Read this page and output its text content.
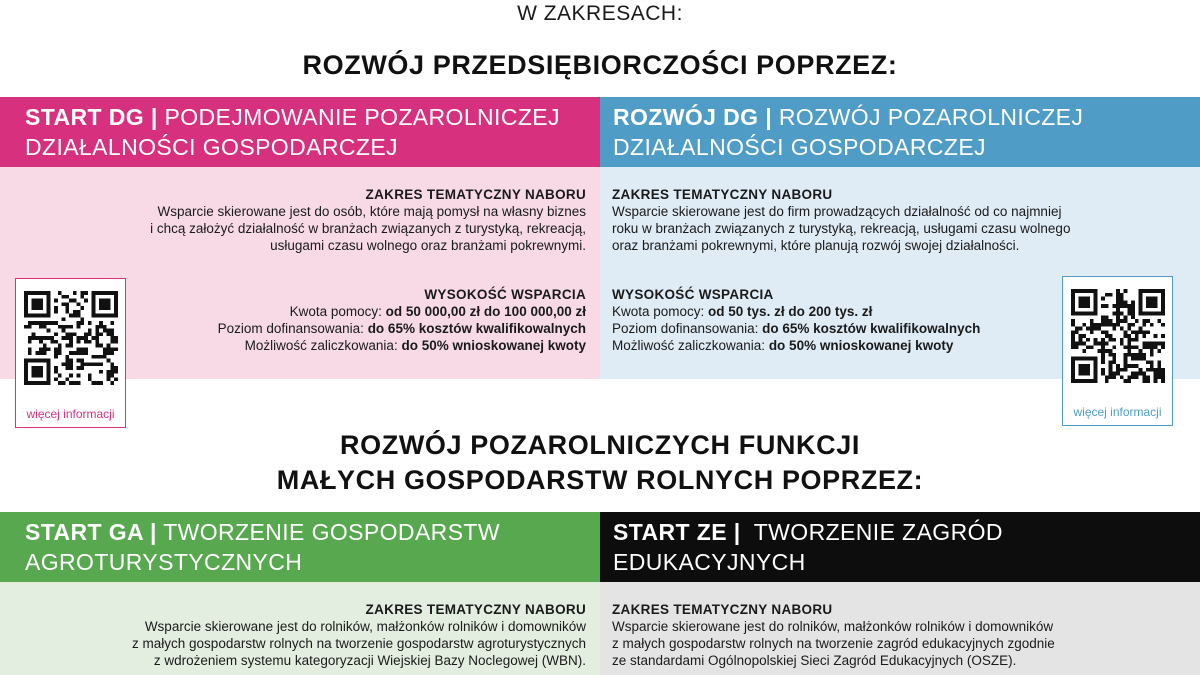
W ZAKRESACH:
ROZWÓJ PRZEDSIĘBIORCZOŚCI POPRZEZ:
START DG | PODEJMOWANIE POZAROLNICZEJ
DZIAŁALNOŚCI GOSPODARCZEJ
ROZWÓJ DG | ROZWÓJ POZAROLNICZEJ
DZIAŁALNOŚCI GOSPODARCZEJ
ZAKRES TEMATYCZNY NABORU
Wsparcie skierowane jest do osób, które mają pomysł na własny biznes
i chcą założyć działalność w branżach związanych z turystyką, rekreacją,
usługami czasu wolnego oraz branżami pokrewnymi.
WYSOKOŚĆ WSPARCIA
Kwota pomocy: od 50 000,00 zł do 100 000,00 zł
Poziom dofinansowania: do 65% kosztów kwalifikowalnych
Możliwość zaliczkowania: do 50% wnioskowanej kwoty
ZAKRES TEMATYCZNY NABORU
Wsparcie skierowane jest do firm prowadzących działalność od co najmniej
roku w branżach związanych z turystyką, rekreacją, usługami czasu wolnego
oraz branżami pokrewnymi, które planują rozwój swojej działalności.
WYSOKOŚĆ WSPARCIA
Kwota pomocy: od 50 tys. zł do 200 tys. zł
Poziom dofinansowania: do 65% kosztów kwalifikowalnych
Możliwość zaliczkowania: do 50% wnioskowanej kwoty
więcej informacji	więcej informacji
ROZWÓJ POZAROLNICZYCH FUNKCJI
MAŁYCH GOSPODARSTW ROLNYCH POPRZEZ:
START GA | TWORZENIE GOSPODARSTW
AGROTURYSTYCZNYCH
START ZE | TWORZENIE ZAGRÓD
EDUKACYJNYCH
ZAKRES TEMATYCZNY NABORU
Wsparcie skierowane jest do rolników, małżonków rolników i domowników
z małych gospodarstw rolnych na tworzenie gospodarstw agroturystycznych
z wdrożeniem systemu kategoryzacji Wiejskiej Bazy Noclegowej (WBN).
ZAKRES TEMATYCZNY NABORU
Wsparcie skierowane jest do rolników, małżonków rolników i domowników
z małych gospodarstw rolnych na tworzenie zagród edukacyjnych zgodnie
ze standardami Ogólnopolskiej Sieci Zagród Edukacyjnych (OSZE).
